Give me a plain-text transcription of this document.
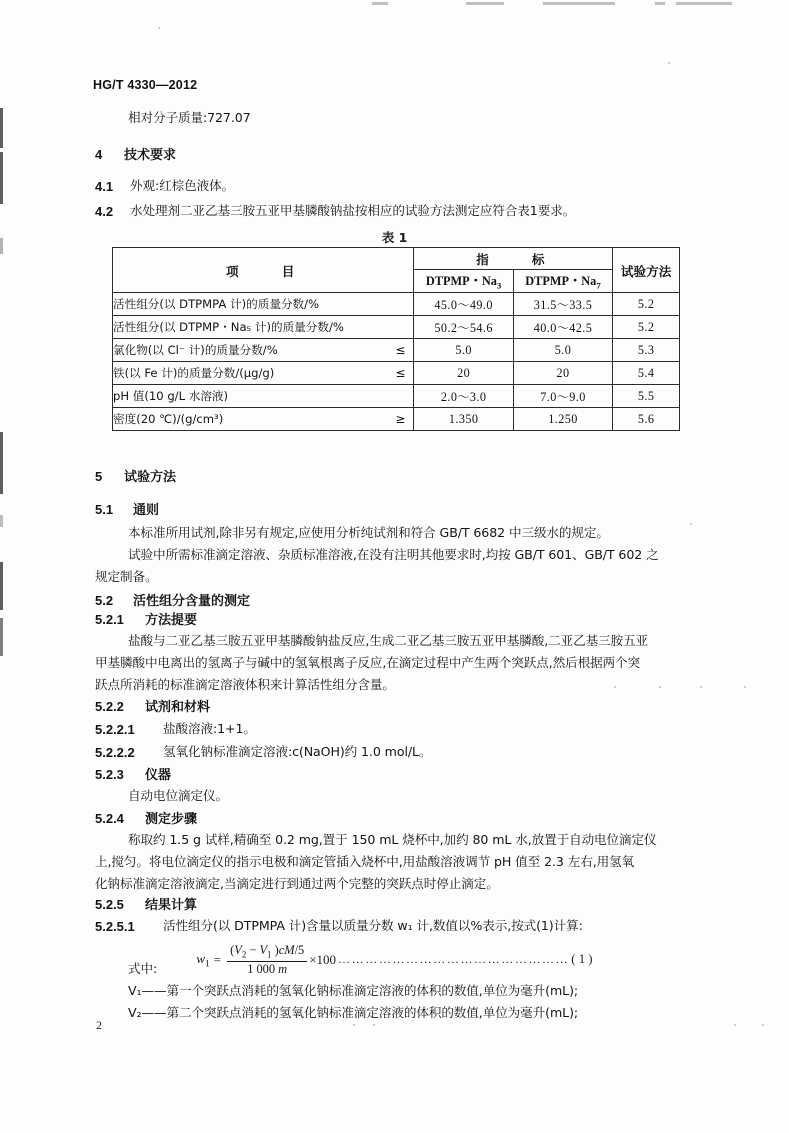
HG/T 4330—2012
相对分子质量:727.07
4 技术要求
4.1 外观:红棕色液体。
4.2 水处理剂二亚乙基三胺五亚甲基膦酸钠盐按相应的试验方法测定应符合表1要求。
表 1
项　　目	指　　标		试验方法
	DTPMP・$Na_3$	DTPMP・$Na_7$
活性组分(以 DTPMPA 计)的质量分数/%	45.0～49.0	31.5～33.5	5.2
活性组分(以 DTPMP・Na₅ 计)的质量分数/%	50.2～54.6	40.0～42.5	5.2
氯化物(以 Cl⁻ 计)的质量分数/% ≤	5.0	5.0	5.3
铁(以 Fe 计)的质量分数/(μg/g) ≤	20	20	5.4
pH 值(10 g/L 水溶液)	2.0～3.0	7.0～9.0	5.5
密度(20 ℃)/(g/cm³) ≥	1.350	1.250	5.6
5 试验方法
5.1 通则
本标准所用试剂,除非另有规定,应使用分析纯试剂和符合 GB/T 6682 中三级水的规定。
试验中所需标准滴定溶液、杂质标准溶液,在没有注明其他要求时,均按 GB/T 601、GB/T 602 之
规定制备。
5.2 活性组分含量的测定
5.2.1 方法提要
盐酸与二亚乙基三胺五亚甲基膦酸钠盐反应,生成二亚乙基三胺五亚甲基膦酸,二亚乙基三胺五亚
甲基膦酸中电离出的氢离子与碱中的氢氧根离子反应,在滴定过程中产生两个突跃点,然后根据两个突
跃点所消耗的标准滴定溶液体积来计算活性组分含量。
5.2.2 试剂和材料
5.2.2.1 盐酸溶液:1+1。
5.2.2.2 氢氧化钠标准滴定溶液:c(NaOH)约 1.0 mol/L。
5.2.3 仪器
自动电位滴定仪。
5.2.4 测定步骤
称取约 1.5 g 试样,精确至 0.2 mg,置于 150 mL 烧杯中,加约 80 mL 水,放置于自动电位滴定仪
上,搅匀。将电位滴定仪的指示电极和滴定管插入烧杯中,用盐酸溶液调节 pH 值至 2.3 左右,用氢氧
化钠标准滴定溶液滴定,当滴定进行到通过两个完整的突跃点时停止滴定。
5.2.5 结果计算
5.2.5.1 活性组分(以 DTPMPA 计)含量以质量分数 w₁ 计,数值以%表示,按式(1)计算:
$w_1 = \frac{(V_2 - V_1 )cM/5}{1 000 m} \times 100$ …………………………………………… ( 1 )
式中:
V₁——第一个突跃点消耗的氢氧化钠标准滴定溶液的体积的数值,单位为毫升(mL);
V₂——第二个突跃点消耗的氢氧化钠标准滴定溶液的体积的数值,单位为毫升(mL);
2
